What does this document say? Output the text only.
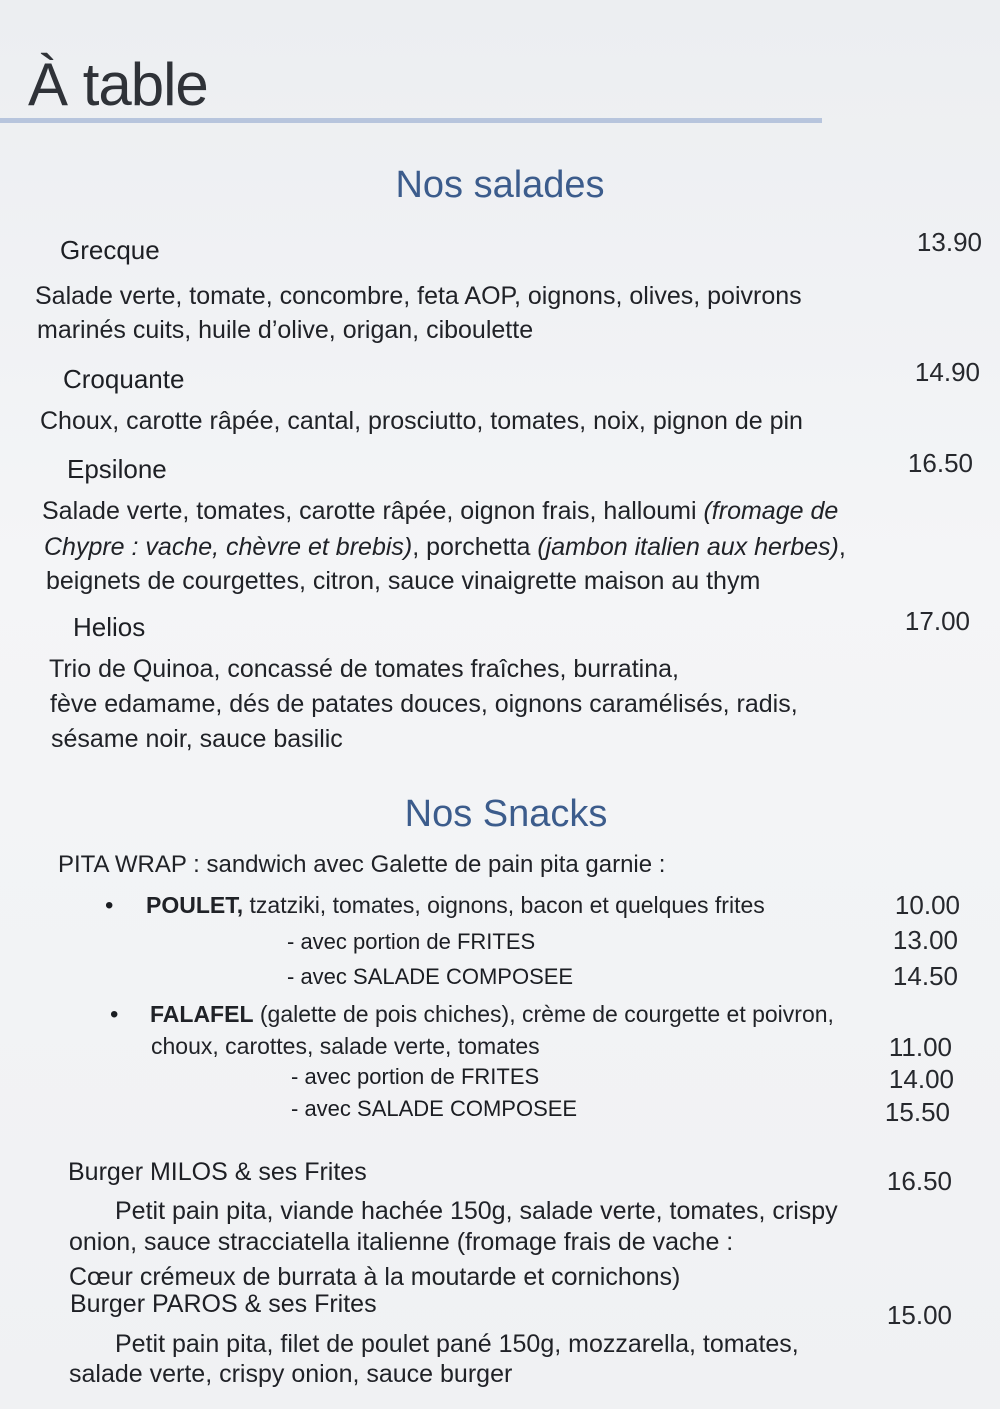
À table
Nos salades
Grecque	13.90
Salade verte, tomate, concombre, feta AOP, oignons, olives, poivrons
marinés cuits, huile d’olive, origan, ciboulette
Croquante	14.90
Choux, carotte râpée, cantal, prosciutto, tomates, noix, pignon de pin
Epsilone	16.50
Salade verte, tomates, carotte râpée, oignon frais, halloumi (fromage de
Chypre : vache, chèvre et brebis), porchetta (jambon italien aux herbes),
beignets de courgettes, citron, sauce vinaigrette maison au thym
Helios	17.00
Trio de Quinoa, concassé de tomates fraîches, burratina,
fève edamame, dés de patates douces, oignons caramélisés, radis,
sésame noir, sauce basilic
Nos Snacks
PITA WRAP : sandwich avec Galette de pain pita garnie :
• POULET, tzatziki, tomates, oignons, bacon et quelques frites	10.00
- avec portion de FRITES	13.00
- avec SALADE COMPOSEE	14.50
• FALAFEL (galette de pois chiches), crème de courgette et poivron,
choux, carottes, salade verte, tomates	11.00
- avec portion de FRITES	14.00
- avec SALADE COMPOSEE	15.50
Burger MILOS & ses Frites	16.50
Petit pain pita, viande hachée 150g, salade verte, tomates, crispy
onion, sauce stracciatella italienne (fromage frais de vache :
Cœur crémeux de burrata à la moutarde et cornichons)
Burger PAROS & ses Frites	15.00
Petit pain pita, filet de poulet pané 150g, mozzarella, tomates,
salade verte, crispy onion, sauce burger
